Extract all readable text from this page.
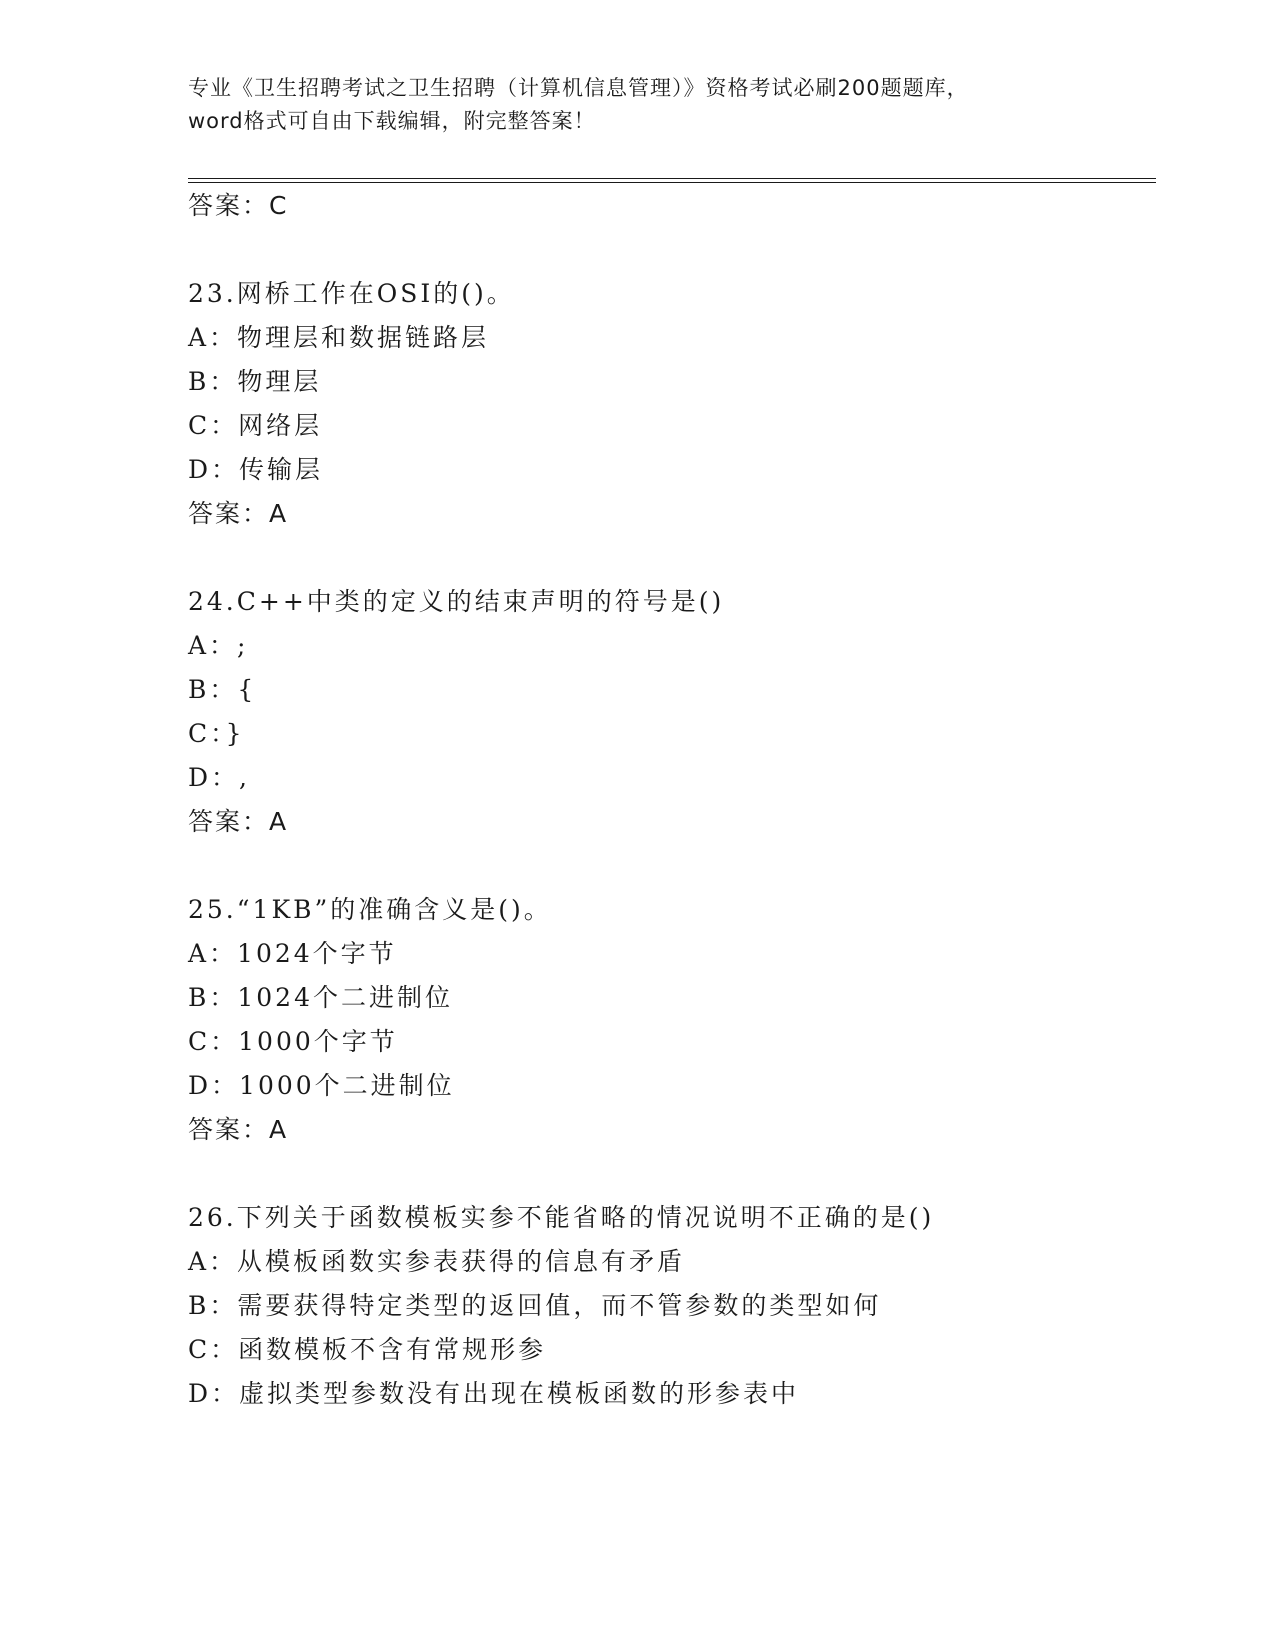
专业《卫生招聘考试之卫生招聘（计算机信息管理）》资格考试必刷200题题库，
word格式可自由下载编辑，附完整答案！
答案：C
23.网桥工作在OSI的()。
A：物理层和数据链路层
B：物理层
C：网络层
D：传输层
答案：A
24.C++中类的定义的结束声明的符号是()
A：;
B：{
C：}
D：,
答案：A
25.“1KB”的准确含义是()。
A：1024个字节
B：1024个二进制位
C：1000个字节
D：1000个二进制位
答案：A
26.下列关于函数模板实参不能省略的情况说明不正确的是()
A：从模板函数实参表获得的信息有矛盾
B：需要获得特定类型的返回值，而不管参数的类型如何
C：函数模板不含有常规形参
D：虚拟类型参数没有出现在模板函数的形参表中
